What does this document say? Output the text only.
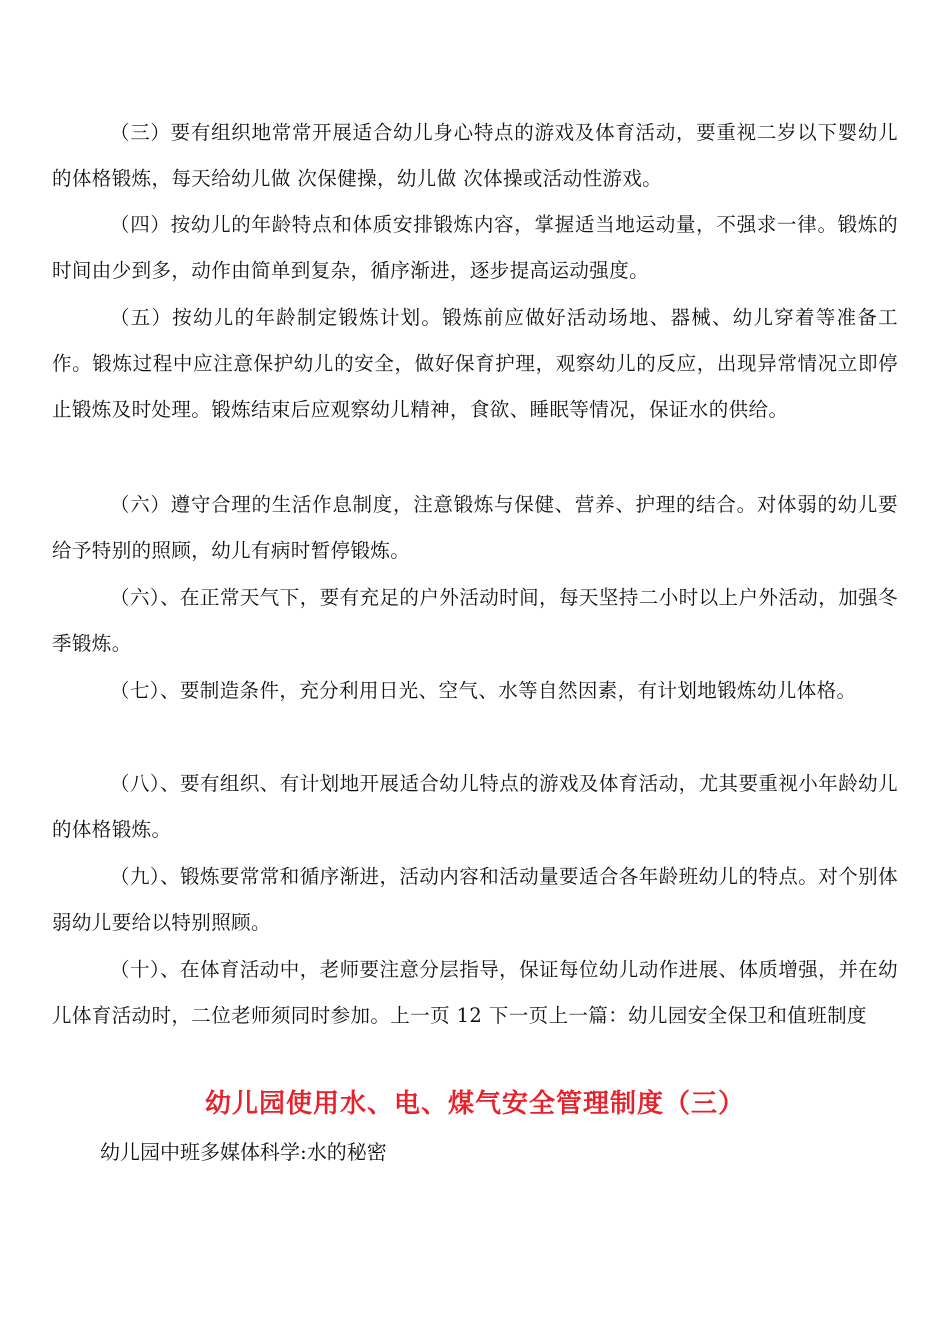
（三）要有组织地常常开展适合幼儿身心特点的游戏及体育活动，要重视二岁以下婴幼儿的体格锻炼，每天给幼儿做 次保健操，幼儿做 次体操或活动性游戏。

（四）按幼儿的年龄特点和体质安排锻炼内容，掌握适当地运动量，不强求一律。锻炼的时间由少到多，动作由简单到复杂，循序渐进，逐步提高运动强度。

（五）按幼儿的年龄制定锻炼计划。锻炼前应做好活动场地、器械、幼儿穿着等准备工作。锻炼过程中应注意保护幼儿的安全，做好保育护理，观察幼儿的反应，出现异常情况立即停止锻炼及时处理。锻炼结束后应观察幼儿精神，食欲、睡眠等情况，保证水的供给。

（六）遵守合理的生活作息制度，注意锻炼与保健、营养、护理的结合。对体弱的幼儿要给予特别的照顾，幼儿有病时暂停锻炼。

（六）、在正常天气下，要有充足的户外活动时间，每天坚持二小时以上户外活动，加强冬季锻炼。

（七）、要制造条件，充分利用日光、空气、水等自然因素，有计划地锻炼幼儿体格。

（八）、要有组织、有计划地开展适合幼儿特点的游戏及体育活动，尤其要重视小年龄幼儿的体格锻炼。

（九）、锻炼要常常和循序渐进，活动内容和活动量要适合各年龄班幼儿的特点。对个别体弱幼儿要给以特别照顾。

（十）、在体育活动中，老师要注意分层指导，保证每位幼儿动作进展、体质增强，并在幼儿体育活动时，二位老师须同时参加。上一页 12 下一页上一篇：幼儿园安全保卫和值班制度

幼儿园使用水、电、煤气安全管理制度（三）

幼儿园中班多媒体科学:水的秘密
